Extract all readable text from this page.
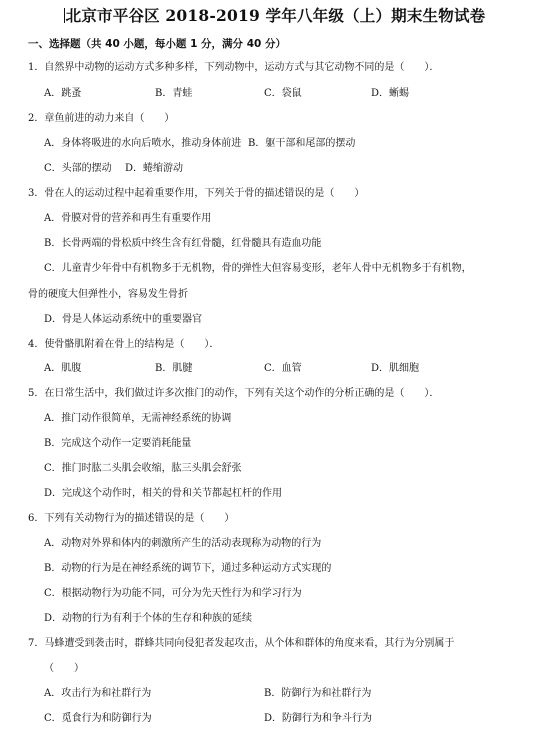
北京市平谷区 2018-2019 学年八年级（上）期末生物试卷
一、选择题（共 40 小题，每小题 1 分，满分 40 分）
1．自然界中动物的运动方式多种多样，下列动物中，运动方式与其它动物不同的是（　　）．
A．跳蚤	B．青蛙	C．袋鼠	D．蜥蜴
2．章鱼前进的动力来自（　　）
A．身体将吸进的水向后喷水，推动身体前进 B．躯干部和尾部的摆动
C．头部的摆动 D．蜷缩游动
3．骨在人的运动过程中起着重要作用，下列关于骨的描述错误的是（　　）
A．骨膜对骨的营养和再生有重要作用
B．长骨两端的骨松质中终生含有红骨髓，红骨髓具有造血功能
C．儿童青少年骨中有机物多于无机物，骨的弹性大但容易变形，老年人骨中无机物多于有机物，
骨的硬度大但弹性小，容易发生骨折
D．骨是人体运动系统中的重要器官
4．使骨骼肌附着在骨上的结构是（　　）．
A．肌腹	B．肌腱	C．血管	D．肌细胞
5．在日常生活中，我们做过许多次推门的动作，下列有关这个动作的分析正确的是（　　）．
A．推门动作很简单，无需神经系统的协调
B．完成这个动作一定要消耗能量
C．推门时肱二头肌会收缩，肱三头肌会舒张
D．完成这个动作时，相关的骨和关节都起杠杆的作用
6．下列有关动物行为的描述错误的是（　　）
A．动物对外界和体内的刺激所产生的活动表现称为动物的行为
B．动物的行为是在神经系统的调节下，通过多种运动方式实现的
C．根据动物行为功能不同，可分为先天性行为和学习行为
D．动物的行为有利于个体的生存和种族的延续
7．马蜂遭受到袭击时，群蜂共同向侵犯者发起攻击，从个体和群体的角度来看，其行为分别属于
（　　）
A．攻击行为和社群行为	B．防御行为和社群行为
C．觅食行为和防御行为	D．防御行为和争斗行为
